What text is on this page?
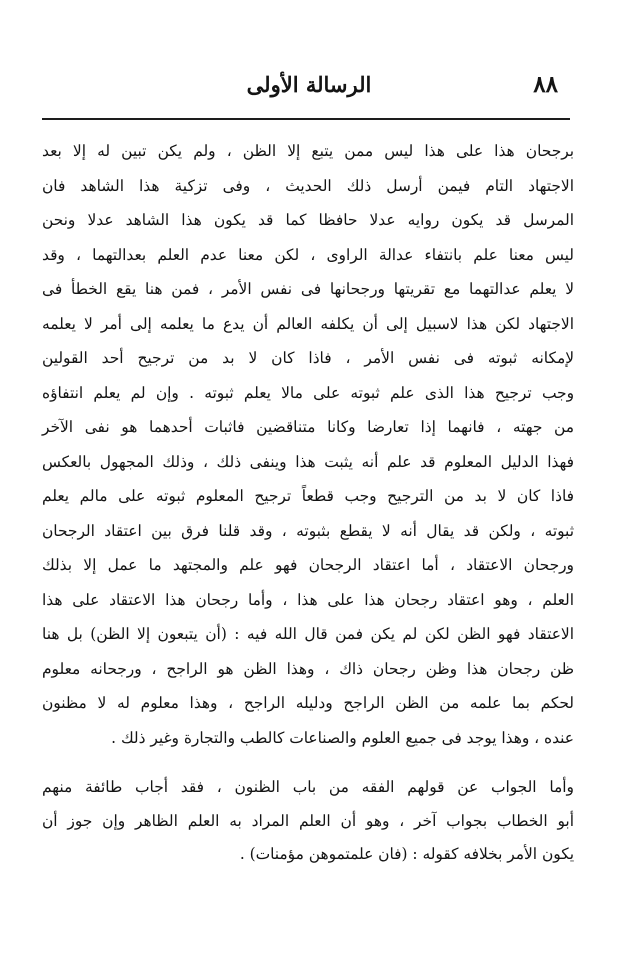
٨٨
الرسالة الأولى
برجحان هذا على هذا ليس ممن يتبع إلا الظن ، ولم يكن تبين له إلا بعد
الاجتهاد التام فيمن أرسل ذلك الحديث ، وفى تزكية هذا الشاهد فان
المرسل قد يكون روايه عدلا حافظا كما قد يكون هذا الشاهد عدلا ونحن
ليس معنا علم بانتفاء عدالة الراوى ، لكن معنا عدم العلم بعدالتهما ، وقد
لا يعلم عدالتهما مع تقريتها ورجحانها فى نفس الأمر ، فمن هنا يقع الخطأ فى
الاجتهاد لكن هذا لاسبيل إلى أن يكلفه العالم أن يدع ما يعلمه إلى أمر لا يعلمه
لإمكانه ثبوته فى نفس الأمر ، فاذا كان لا بد من ترجيح أحد القولين
وجب ترجيح هذا الذى علم ثبوته على مالا يعلم ثبوته . وإن لم يعلم انتفاؤه
من جهته ، فانهما إذا تعارضا وكانا متناقضين فاثبات أحدهما هو نفى الآخر
فهذا الدليل المعلوم قد علم أنه يثبت هذا وينفى ذلك ، وذلك المجهول بالعكس
فاذا كان لا بد من الترجيح وجب قطعاً ترجيح المعلوم ثبوته على مالم يعلم
ثبوته ، ولكن قد يقال أنه لا يقطع بثبوته ، وقد قلنا فرق بين اعتقاد الرجحان
ورجحان الاعتقاد ، أما اعتقاد الرجحان فهو علم والمجتهد ما عمل إلا بذلك
العلم ، وهو اعتقاد رجحان هذا على هذا ، وأما رجحان هذا الاعتقاد على هذا
الاعتقاد فهو الظن لكن لم يكن فمن قال الله فيه : (أن يتبعون إلا الظن) بل هنا
ظن رجحان هذا وظن رجحان ذاك ، وهذا الظن هو الراجح ، ورجحانه معلوم
لحكم بما علمه من الظن الراجح ودليله الراجح ، وهذا معلوم له لا مظنون
عنده ، وهذا يوجد فى جميع العلوم والصناعات كالطب والتجارة وغير ذلك .
وأما الجواب عن قولهم الفقه من باب الظنون ، فقد أجاب طائفة منهم
أبو الخطاب بجواب آخر ، وهو أن العلم المراد به العلم الظاهر وإن جوز أن
يكون الأمر بخلافه كقوله : (فان علمتموهن مؤمنات) .
